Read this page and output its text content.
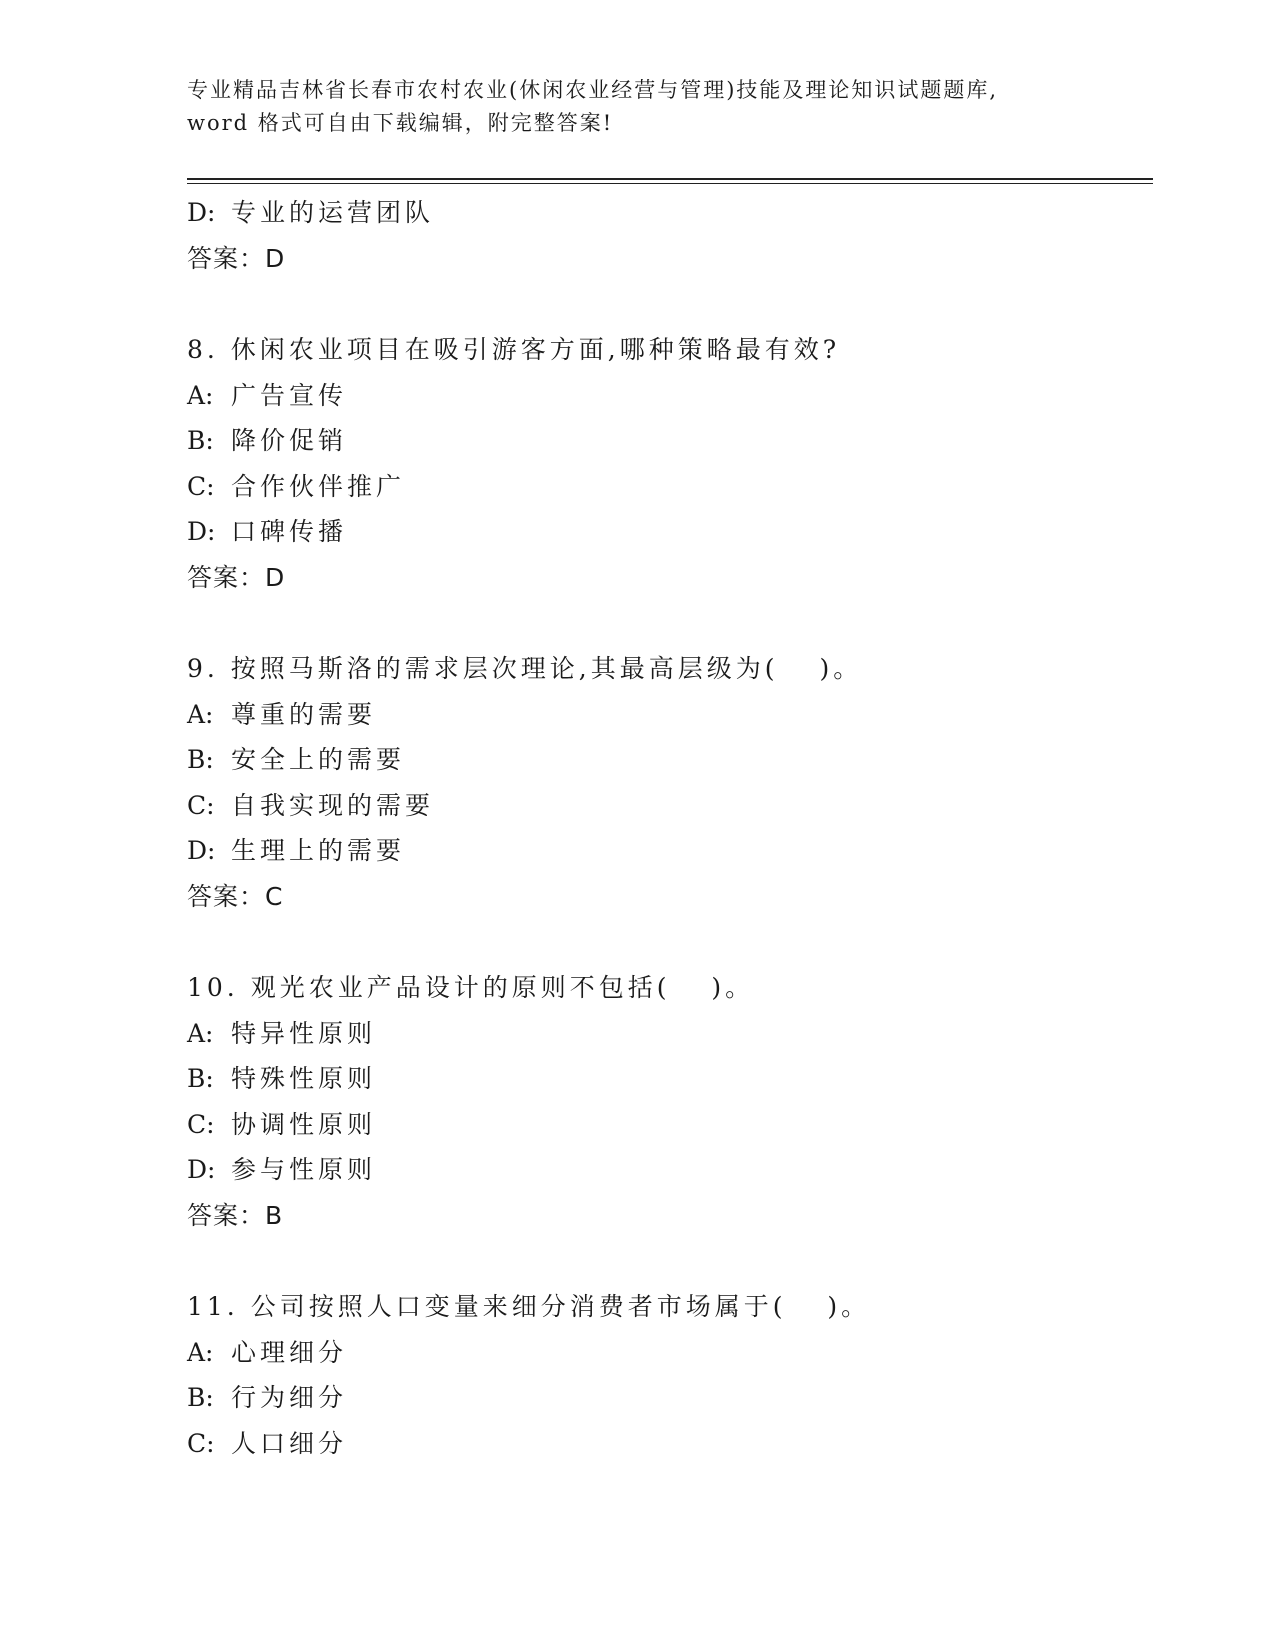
专业精品吉林省长春市农村农业(休闲农业经营与管理)技能及理论知识试题题库,
word 格式可自由下载编辑，附完整答案!
D: 专业的运营团队
答案：D
8. 休闲农业项目在吸引游客方面,哪种策略最有效?
A: 广告宣传
B: 降价促销
C: 合作伙伴推广
D: 口碑传播
答案：D
9. 按照马斯洛的需求层次理论,其最高层级为(　 )。
A: 尊重的需要
B: 安全上的需要
C: 自我实现的需要
D: 生理上的需要
答案：C
10. 观光农业产品设计的原则不包括(　 )。
A: 特异性原则
B: 特殊性原则
C: 协调性原则
D: 参与性原则
答案：B
11. 公司按照人口变量来细分消费者市场属于(　 )。
A: 心理细分
B: 行为细分
C: 人口细分
